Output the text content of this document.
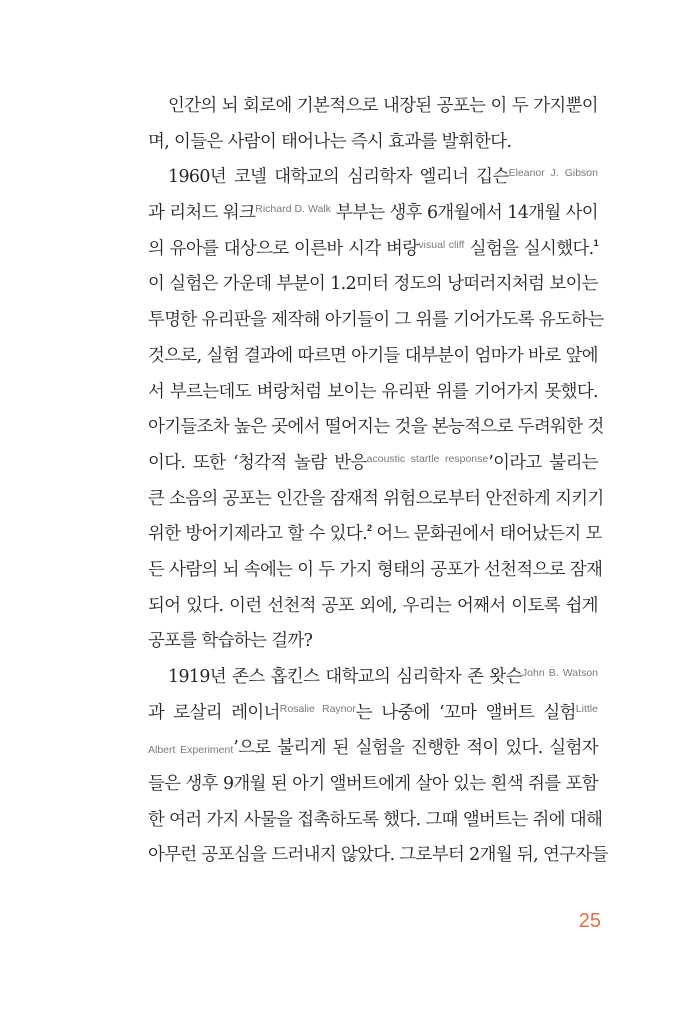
인간의 뇌 회로에 기본적으로 내장된 공포는 이 두 가지뿐이
며, 이들은 사람이 태어나는 즉시 효과를 발휘한다.
1960년 코넬 대학교의 심리학자 엘리너 깁슨$^{Eleanor J. Gibson}$
과 리처드 워크$^{Richard D. Walk}$ 부부는 생후 6개월에서 14개월 사이
의 유아를 대상으로 이른바 시각 벼랑$^{visual cliff}$ 실험을 실시했다.$^1$
이 실험은 가운데 부분이 1.2미터 정도의 낭떠러지처럼 보이는
투명한 유리판을 제작해 아기들이 그 위를 기어가도록 유도하는
것으로, 실험 결과에 따르면 아기들 대부분이 엄마가 바로 앞에
서 부르는데도 벼랑처럼 보이는 유리판 위를 기어가지 못했다.
아기들조차 높은 곳에서 떨어지는 것을 본능적으로 두려워한 것
이다. 또한 ‘청각적 놀람 반응$^{acoustic startle response}$’이라고 불리는
큰 소음의 공포는 인간을 잠재적 위험으로부터 안전하게 지키기
위한 방어기제라고 할 수 있다.$^2$ 어느 문화권에서 태어났든지 모
든 사람의 뇌 속에는 이 두 가지 형태의 공포가 선천적으로 잠재
되어 있다. 이런 선천적 공포 외에, 우리는 어째서 이토록 쉽게
공포를 학습하는 걸까?
1919년 존스 홉킨스 대학교의 심리학자 존 왓슨$^{John B. Watson}$
과 로살리 레이너$^{Rosalie Raynor}$는 나중에 ‘꼬마 앨버트 실험$^{Little}$
Albert Experiment’으로 불리게 된 실험을 진행한 적이 있다. 실험자
들은 생후 9개월 된 아기 앨버트에게 살아 있는 흰색 쥐를 포함
한 여러 가지 사물을 접촉하도록 했다. 그때 앨버트는 쥐에 대해
아무런 공포심을 드러내지 않았다. 그로부터 2개월 뒤, 연구자들
25
